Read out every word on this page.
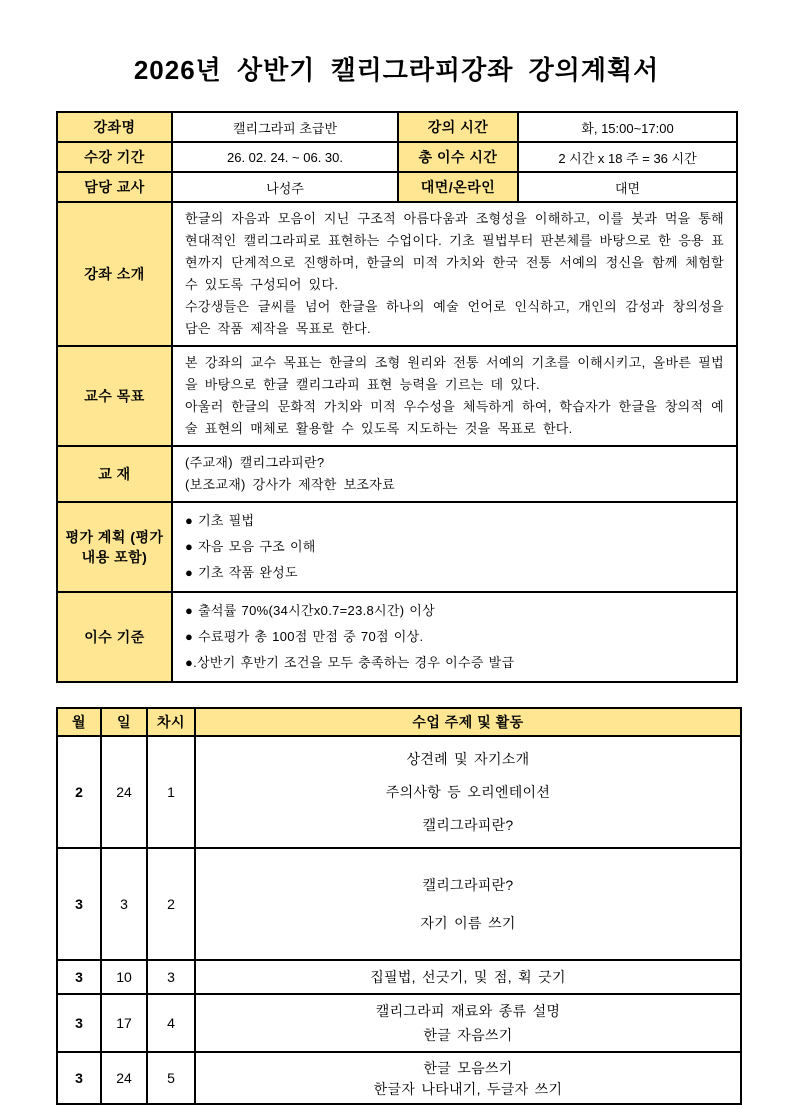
2026년 상반기 캘리그라피강좌 강의계획서
강좌명	캘리그라피 초급반	강의 시간	화, 15:00~17:00
수강 기간	26. 02. 24. ~ 06. 30.	총 이수 시간	2 시간 x 18 주 = 36 시간
담당 교사	나성주	대면/온라인	대면
강좌 소개	한글의 자음과 모음이 지닌 구조적 아름다움과 조형성을 이해하고, 이를 붓과 먹을 통해 현대적인 캘리그라피로 표현하는 수업이다. 기초 필법부터 판본체를 바탕으로 한 응용 표현까지 단계적으로 진행하며, 한글의 미적 가치와 한국 전통 서예의 정신을 함께 체험할 수 있도록 구성되어 있다.
수강생들은 글씨를 넘어 한글을 하나의 예술 언어로 인식하고, 개인의 감성과 창의성을 담은 작품 제작을 목표로 한다.		

교수 목표	본 강좌의 교수 목표는 한글의 조형 원리와 전통 서예의 기초를 이해시키고, 올바른 필법을 바탕으로 한글 캘리그라피 표현 능력을 기르는 데 있다.
아울러 한글의 문화적 가치와 미적 우수성을 체득하게 하여, 학습자가 한글을 창의적 예술 표현의 매체로 활용할 수 있도록 지도하는 것을 목표로 한다.		

교 재	(주교재) 캘리그라피란?
(보조교재) 강사가 제작한 보조자료		

평가 계획 (평가 내용 포함)	● 기초 필법
● 자음 모음 구조 이해
● 기초 작품 완성도		

이수 기준	● 출석률 70%(34시간x0.7=23.8시간) 이상
● 수료평가 총 100점 만점 중 70점 이상.
●.상반기 후반기 조건을 모두 충족하는 경우 이수증 발급		
월	일	차시	수업 주제 및 활동
2	24	1	상견례 및 자기소개
주의사항 등 오리엔테이션
캘리그라피란?

3	3	2	캘리그라피란?
자기 이름 쓰기

3	10	3	집필법, 선긋기, 및 점, 획 긋기

3	17	4	캘리그라피 재료와 종류 설명
한글 자음쓰기

3	24	5	한글 모음쓰기
한글자 나타내기, 두글자 쓰기
